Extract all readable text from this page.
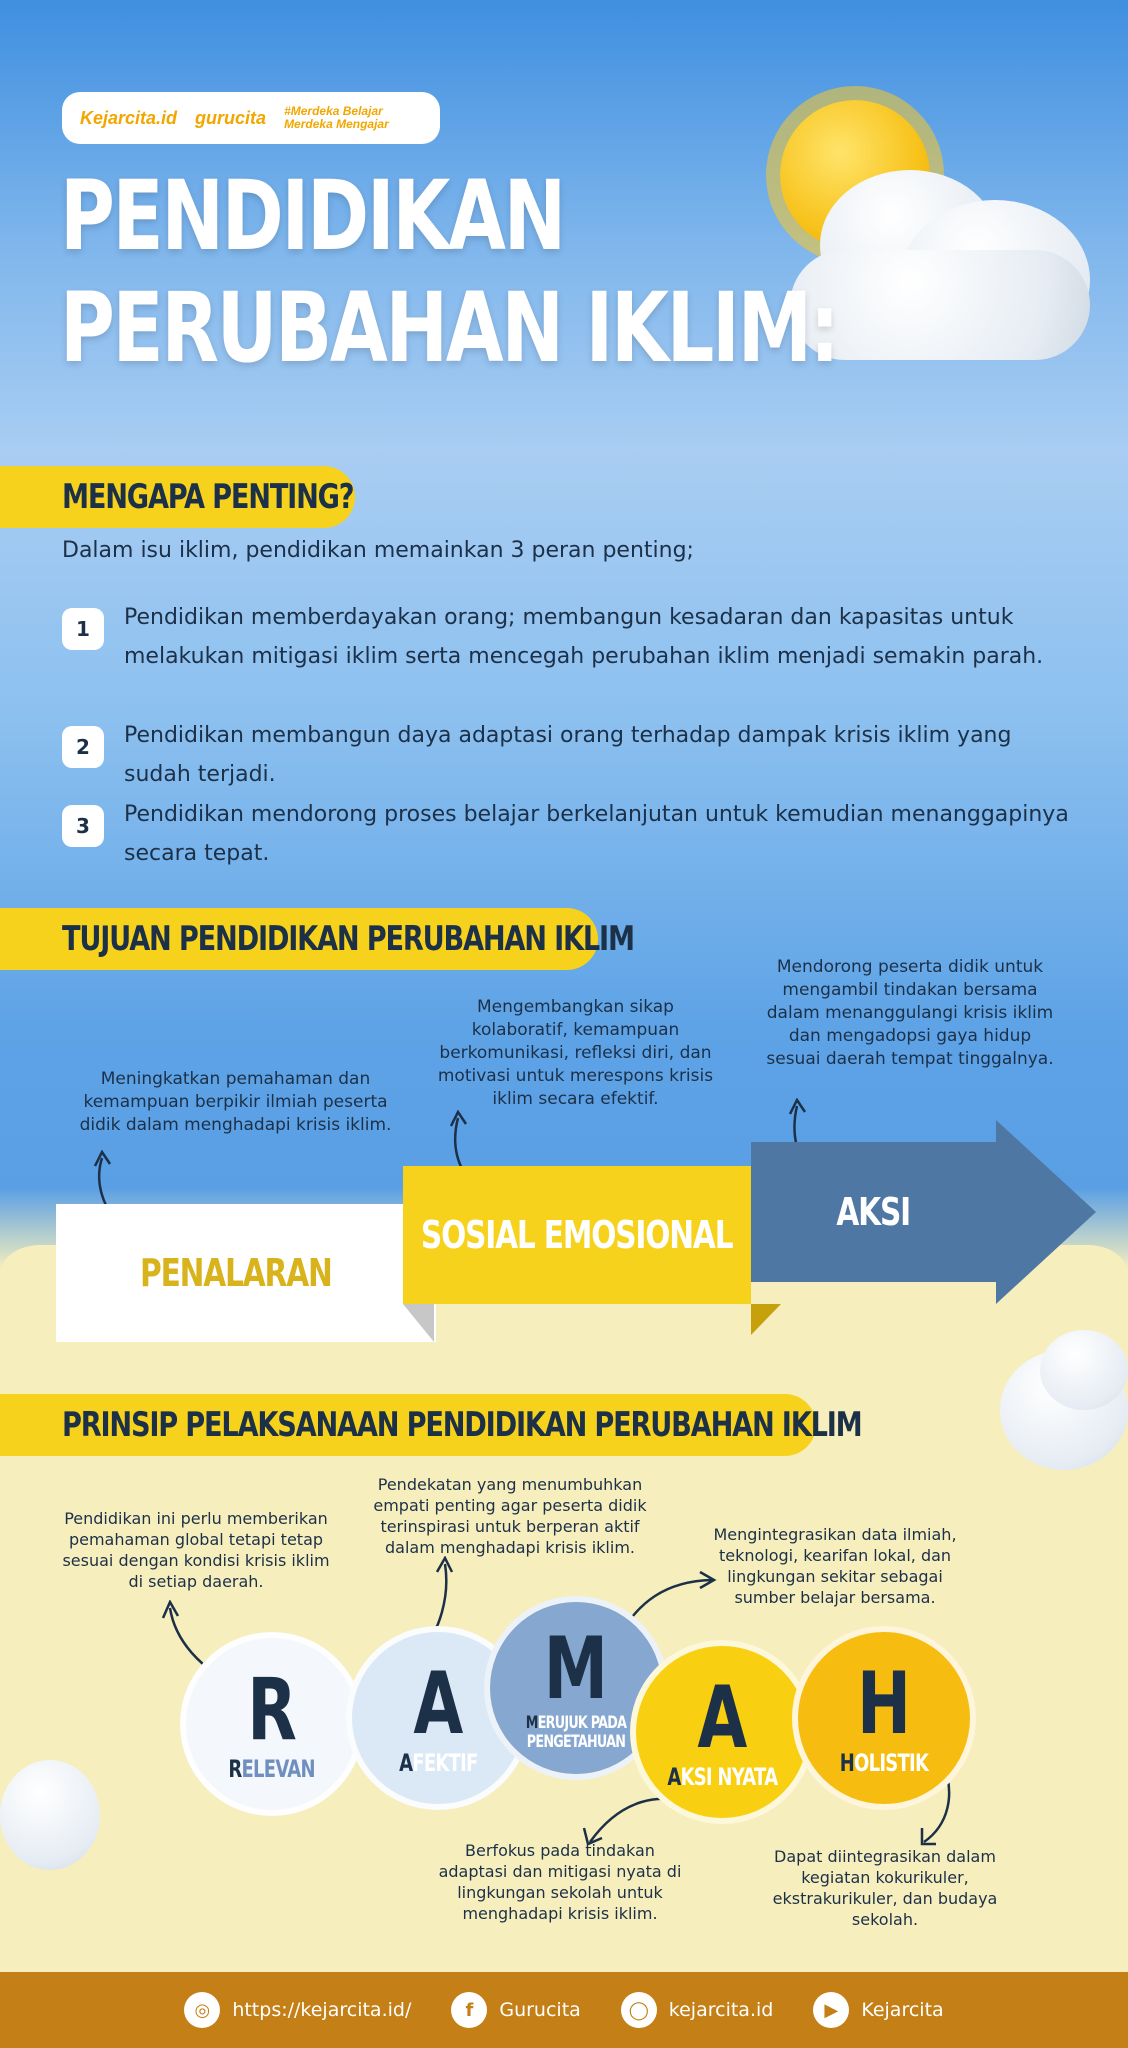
Kejarcita.id gurucita #Merdeka Belajar
Merdeka Mengajar
PENDIDIKAN
PERUBAHAN IKLIM:
MENGAPA PENTING?
Dalam isu iklim, pendidikan memainkan 3 peran penting;
1	Pendidikan memberdayakan orang; membangun kesadaran dan kapasitas untuk melakukan mitigasi iklim serta mencegah perubahan iklim menjadi semakin parah.
2	Pendidikan membangun daya adaptasi orang terhadap dampak krisis iklim yang sudah terjadi.
3	Pendidikan mendorong proses belajar berkelanjutan untuk kemudian menanggapinya secara tepat.
TUJUAN PENDIDIKAN PERUBAHAN IKLIM
Meningkatkan pemahaman dan kemampuan berpikir ilmiah peserta didik dalam menghadapi krisis iklim.
Mengembangkan sikap kolaboratif, kemampuan berkomunikasi, refleksi diri, dan motivasi untuk merespons krisis iklim secara efektif.
Mendorong peserta didik untuk mengambil tindakan bersama dalam menanggulangi krisis iklim dan mengadopsi gaya hidup sesuai daerah tempat tinggalnya.
PENALARAN
SOSIAL EMOSIONAL
AKSI
PRINSIP PELAKSANAAN PENDIDIKAN PERUBAHAN IKLIM
Pendidikan ini perlu memberikan pemahaman global tetapi tetap sesuai dengan kondisi krisis iklim di setiap daerah.
Pendekatan yang menumbuhkan empati penting agar peserta didik terinspirasi untuk berperan aktif dalam menghadapi krisis iklim.
Mengintegrasikan data ilmiah, teknologi, kearifan lokal, dan lingkungan sekitar sebagai sumber belajar bersama.
Berfokus pada tindakan adaptasi dan mitigasi nyata di lingkungan sekolah untuk menghadapi krisis iklim.
Dapat diintegrasikan dalam kegiatan kokurikuler, ekstrakurikuler, dan budaya sekolah.
R
RELEVAN
A
AFEKTIF
M
MERUJUK PADA
PENGETAHUAN A
AKSI NYATA
H
HOLISTIK
◎	https://kejarcita.id/	f	Gurucita	◯	kejarcita.id	▶	Kejarcita
